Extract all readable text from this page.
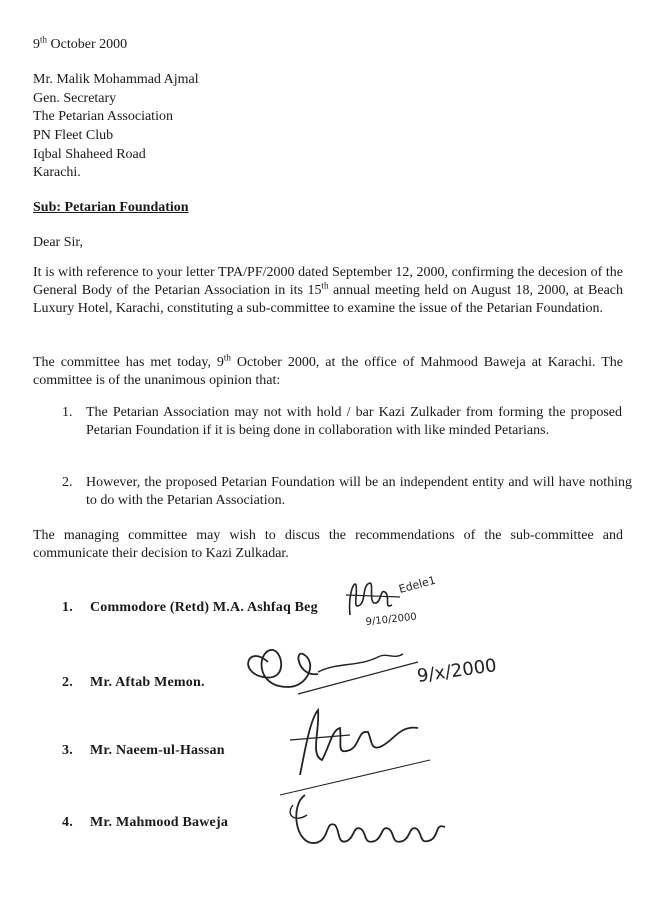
9th October 2000
Mr. Malik Mohammad Ajmal
Gen. Secretary
The Petarian Association
PN Fleet Club
Iqbal Shaheed Road
Karachi.
Sub: Petarian Foundation
Dear Sir,
It is with reference to your letter TPA/PF/2000 dated September 12, 2000, confirming the decesion of the General Body of the Petarian Association in its 15th annual meeting held on August 18, 2000, at Beach Luxury Hotel, Karachi, constituting a sub-committee to examine the issue of the Petarian Foundation.
The committee has met today, 9th October 2000, at the office of Mahmood Baweja at Karachi. The committee is of the unanimous opinion that:
1. The Petarian Association may not with hold / bar Kazi Zulkader from forming the proposed Petarian Foundation if it is being done in collaboration with like minded Petarians.
2. However, the proposed Petarian Foundation will be an independent entity and will have nothing to do with the Petarian Association.
The managing committee may wish to discus the recommendations of the sub-committee and communicate their decision to Kazi Zulkadar.
1. Commodore (Retd) M.A. Ashfaq Beg
2. Mr. Aftab Memon.
3. Mr. Naeem-ul-Hassan
4. Mr. Mahmood Baweja
Edele1
9/10/2000
9/x/2000
